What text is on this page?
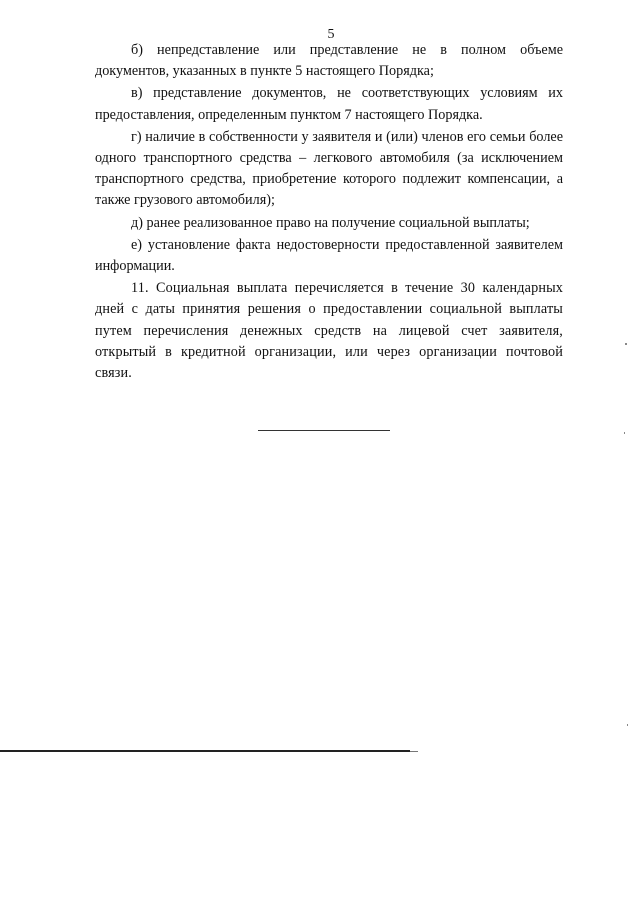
5

б) непредставление или представление не в полном объеме документов, указанных в пункте 5 настоящего Порядка;

в) представление документов, не соответствующих условиям их предоставления, определенным пунктом 7 настоящего Порядка.

г) наличие в собственности у заявителя и (или) членов его семьи более одного транспортного средства – легкового автомобиля (за исключением транспортного средства, приобретение которого подлежит компенсации, а также грузового автомобиля);

д) ранее реализованное право на получение социальной выплаты;

е) установление факта недостоверности предоставленной заявителем информации.

11. Социальная выплата перечисляется в течение 30 календарных дней с даты принятия решения о предоставлении социальной выплаты путем перечисления денежных средств на лицевой счет заявителя, открытый в кредитной организации, или через организации почтовой связи.
